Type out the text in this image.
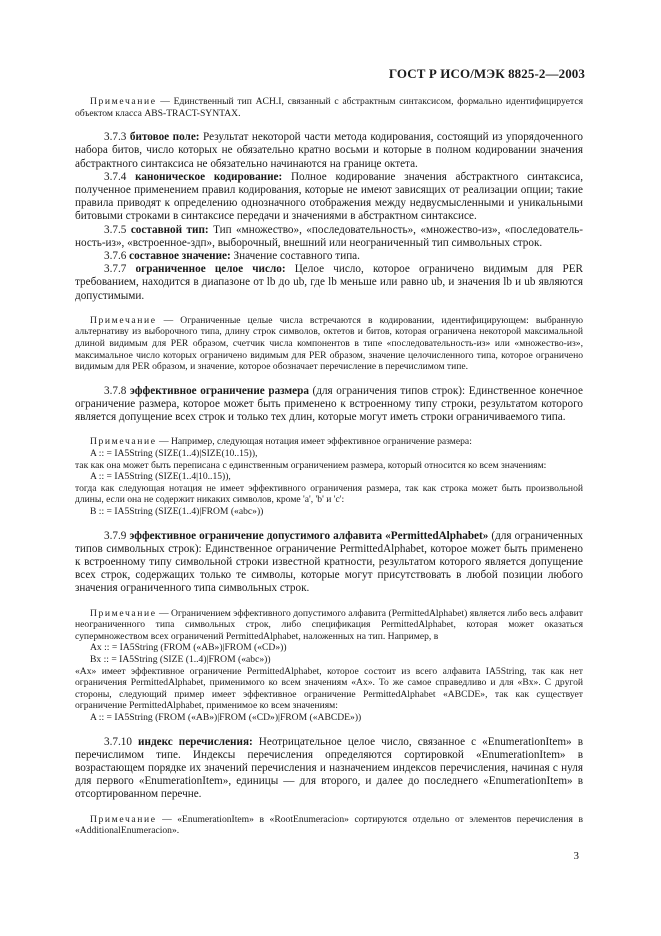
ГОСТ Р ИСО/МЭК 8825-2—2003

Примечание — Единственный тип ACH.I, связанный с абстрактным синтаксисом, формально идентифицируется объектом класса ABS-TRACT-SYNTAX.

3.7.3 битовое поле: Результат некоторой части метода кодирования, состоящий из упорядоченного набора битов, число которых не обязательно кратно восьми и которые в полном кодировании значения абстрактного синтаксиса не обязательно начинаются на границе октета.

3.7.4 каноническое кодирование: Полное кодирование значения абстрактного синтаксиса, полученное применением правил кодирования, которые не имеют зависящих от реализации опции; такие правила приводят к определению однозначного отображения между недвусмысленными и уникальными битовыми строками в синтаксисе передачи и значениями в абстрактном синтаксисе.

3.7.5 составной тип: Тип «множество», «последовательность», «множество-из», «последователь-ность-из», «встроенное-здп», выборочный, внешний или неограниченный тип символьных строк.

3.7.6 составное значение: Значение составного типа.

3.7.7 ограниченное целое число: Целое число, которое ограничено видимым для PER требованием, находится в диапазоне от lb до ub, где lb меньше или равно ub, и значения lb и ub являются допустимыми.

Примечание — Ограниченные целые числа встречаются в кодировании, идентифицирующем: выбранную альтернативу из выборочного типа, длину строк символов, октетов и битов, которая ограничена некоторой максимальной длиной видимым для PER образом, счетчик числа компонентов в типе «последовательность-из» или «множество-из», максимальное число которых ограничено видимым для PER образом, значение целочисленного типа, которое ограничено видимым для PER образом, и значение, которое обозначает перечисление в перечислимом типе.

3.7.8 эффективное ограничение размера (для ограничения типов строк): Единственное конечное ограничение размера, которое может быть применено к встроенному типу строки, результатом которого является допущение всех строк и только тех длин, которые могут иметь строки ограничиваемого типа.

Примечание — Например, следующая нотация имеет эффективное ограничение размера:

A :: = IA5String (SIZE(1..4)|SIZE(10..15)),
так как она может быть переписана с единственным ограничением размера, который относится ко всем значениям:
A :: = IA5String (SIZE(1..4|10..15)),
тогда как следующая нотация не имеет эффективного ограничения размера, так как строка может быть произвольной длины, если она не содержит никаких символов, кроме 'a', 'b' и 'c':
B :: = IA5String (SIZE(1..4)|FROM («abc»))

3.7.9 эффективное ограничение допустимого алфавита «PermittedAlphabet» (для ограниченных типов символьных строк): Единственное ограничение PermittedAlphabet, которое может быть применено к встроенному типу символьной строки известной кратности, результатом которого является допущение всех строк, содержащих только те символы, которые могут присутствовать в любой позиции любого значения ограниченного типа символьных строк.

Примечание — Ограничением эффективного допустимого алфавита (PermittedAlphabet) является либо весь алфавит неограниченного типа символьных строк, либо спецификация PermittedAlphabet, которая может оказаться супермножеством всех ограничений PermittedAlphabet, наложенных на тип. Например, в

Ax :: = IA5String (FROM («AB»)|FROM («CD»))
Bx :: = IA5String (SIZE (1..4)|FROM («abc»))
«Ax» имеет эффективное ограничение PermittedAlphabet, которое состоит из всего алфавита IA5String, так как нет ограничения PermittedAlphabet, применимого ко всем значениям «Ax». То же самое справедливо и для «Bx». С другой стороны, следующий пример имеет эффективное ограничение PermittedAlphabet «ABCDE», так как существует ограничение PermittedAlphabet, применимое ко всем значениям:
A :: = IA5String (FROM («AB»)|FROM («CD»)|FROM («ABCDE»))

3.7.10 индекс перечисления: Неотрицательное целое число, связанное с «EnumerationItem» в перечислимом типе. Индексы перечисления определяются сортировкой «EnumerationItem» в возрастающем порядке их значений перечисления и назначением индексов перечисления, начиная с нуля для первого «EnumerationItem», единицы — для второго, и далее до последнего «EnumerationItem» в отсортированном перечне.

Примечание — «EnumerationItem» в «RootEnumeracion» сортируются отдельно от элементов перечисления в «AdditionalEnumeracion».

3
